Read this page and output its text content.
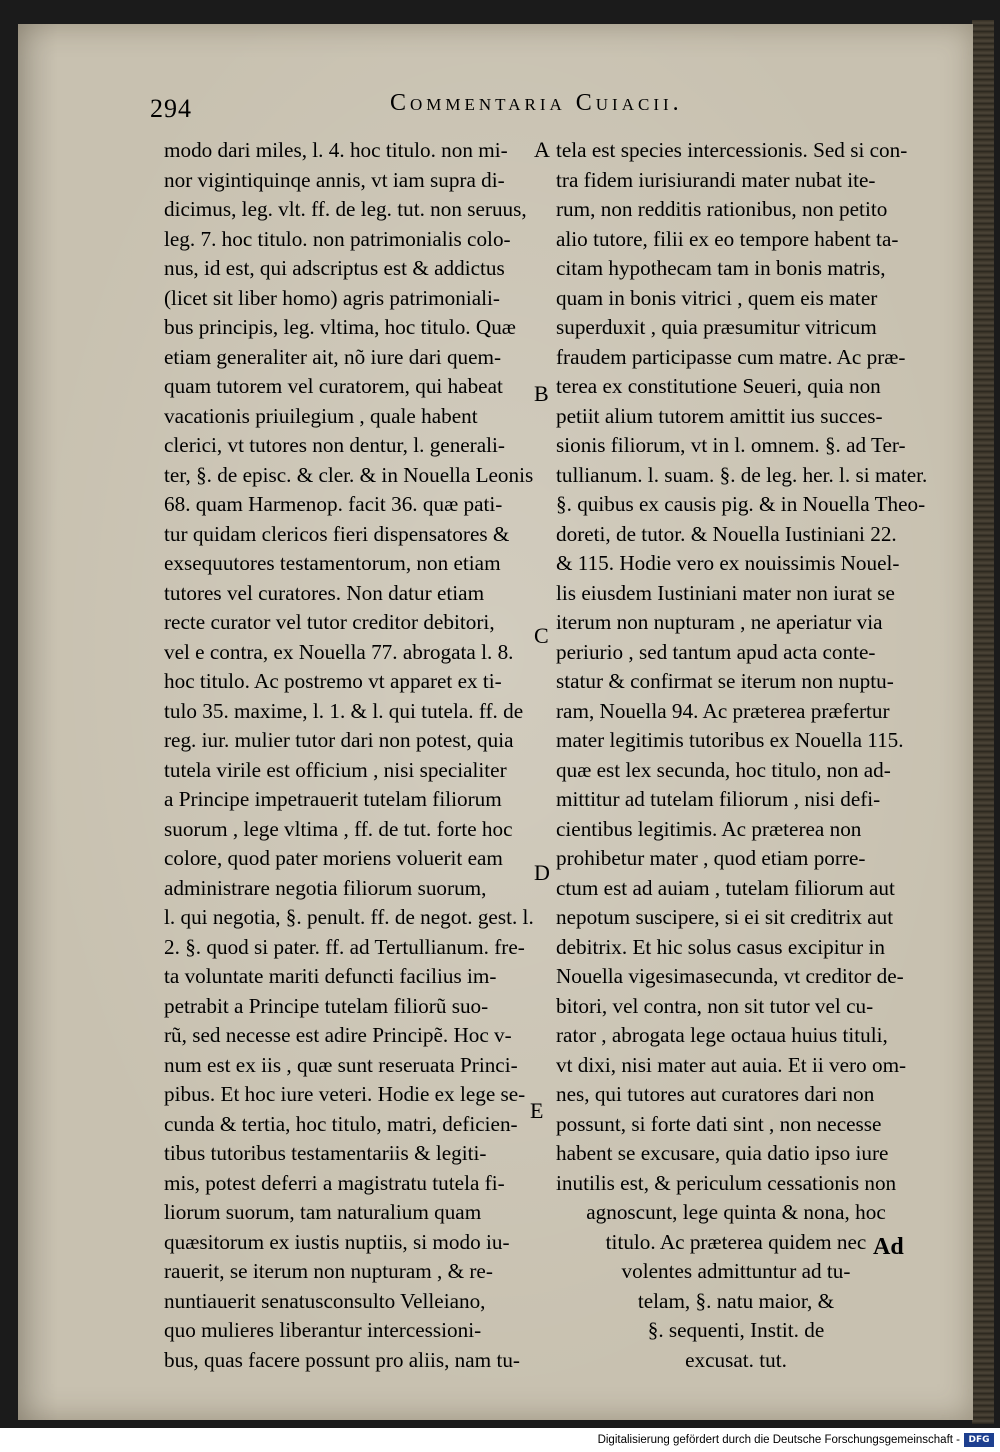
294	Commentaria Cuiacii.
modo dari miles, l. 4. hoc titulo. non mi-
nor vigintiquinqe annis, vt iam supra di-
dicimus, leg. vlt. ff. de leg. tut. non seruus,
leg. 7. hoc titulo. non patrimonialis colo-
nus, id est, qui adscriptus est & addictus
(licet sit liber homo) agris patrimoniali-
bus principis, leg. vltima, hoc titulo. Quæ
etiam generaliter ait, nõ iure dari quem-
quam tutorem vel curatorem, qui habeat
vacationis priuilegium , quale habent
clerici, vt tutores non dentur, l. generali-
ter, §. de episc. & cler. & in Nouella Leonis
68. quam Harmenop. facit 36. quæ pati-
tur quidam clericos fieri dispensatores &
exsequutores testamentorum, non etiam
tutores vel curatores. Non datur etiam
recte curator vel tutor creditor debitori,
vel e contra, ex Nouella 77. abrogata l. 8.
hoc titulo. Ac postremo vt apparet ex ti-
tulo 35. maxime, l. 1. & l. qui tutela. ff. de
reg. iur. mulier tutor dari non potest, quia
tutela virile est officium , nisi specialiter
a Principe impetrauerit tutelam filiorum
suorum , lege vltima , ff. de tut. forte hoc
colore, quod pater moriens voluerit eam
administrare negotia filiorum suorum,
l. qui negotia, §. penult. ff. de negot. gest. l.
2. §. quod si pater. ff. ad Tertullianum. fre-
ta voluntate mariti defuncti facilius im-
petrabit a Principe tutelam filiorũ suo-
rũ, sed necesse est adire Principẽ. Hoc v-
num est ex iis , quæ sunt reseruata Princi-
pibus. Et hoc iure veteri. Hodie ex lege se-
cunda & tertia, hoc titulo, matri, deficien-
tibus tutoribus testamentariis & legiti-
mis, potest deferri a magistratu tutela fi-
liorum suorum, tam naturalium quam
quæsitorum ex iustis nuptiis, si modo iu-
rauerit, se iterum non nupturam , & re-
nuntiauerit senatusconsulto Velleiano,
quo mulieres liberantur intercessioni-
bus, quas facere possunt pro aliis, nam tu-
tela est species intercessionis. Sed si con-
tra fidem iurisiurandi mater nubat ite-
rum, non redditis rationibus, non petito
alio tutore, filii ex eo tempore habent ta-
citam hypothecam tam in bonis matris,
quam in bonis vitrici , quem eis mater
superduxit , quia præsumitur vitricum
fraudem participasse cum matre. Ac præ-
terea ex constitutione Seueri, quia non
petiit alium tutorem amittit ius succes-
sionis filiorum, vt in l. omnem. §. ad Ter-
tullianum. l. suam. §. de leg. her. l. si mater.
§. quibus ex causis pig. & in Nouella Theo-
doreti, de tutor. & Nouella Iustiniani 22.
& 115. Hodie vero ex nouissimis Nouel-
lis eiusdem Iustiniani mater non iurat se
iterum non nupturam , ne aperiatur via
periurio , sed tantum apud acta conte-
statur & confirmat se iterum non nuptu-
ram, Nouella 94. Ac præterea præfertur
mater legitimis tutoribus ex Nouella 115.
quæ est lex secunda, hoc titulo, non ad-
mittitur ad tutelam filiorum , nisi defi-
cientibus legitimis. Ac præterea non
prohibetur mater , quod etiam porre-
ctum est ad auiam , tutelam filiorum aut
nepotum suscipere, si ei sit creditrix aut
debitrix. Et hic solus casus excipitur in
Nouella vigesimasecunda, vt creditor de-
bitori, vel contra, non sit tutor vel cu-
rator , abrogata lege octaua huius tituli,
vt dixi, nisi mater aut auia. Et ii vero om-
nes, qui tutores aut curatores dari non
possunt, si forte dati sint , non necesse
habent se excusare, quia datio ipso iure
inutilis est, & periculum cessationis non
agnoscunt, lege quinta & nona, hoc
titulo. Ac præterea quidem nec
volentes admittuntur ad tu-
telam, §. natu maior, &
§. sequenti, Instit. de
excusat. tut.
A
B
C
D
E
Ad
Digitalisierung gefördert durch die Deutsche Forschungsgemeinschaft - DFG
